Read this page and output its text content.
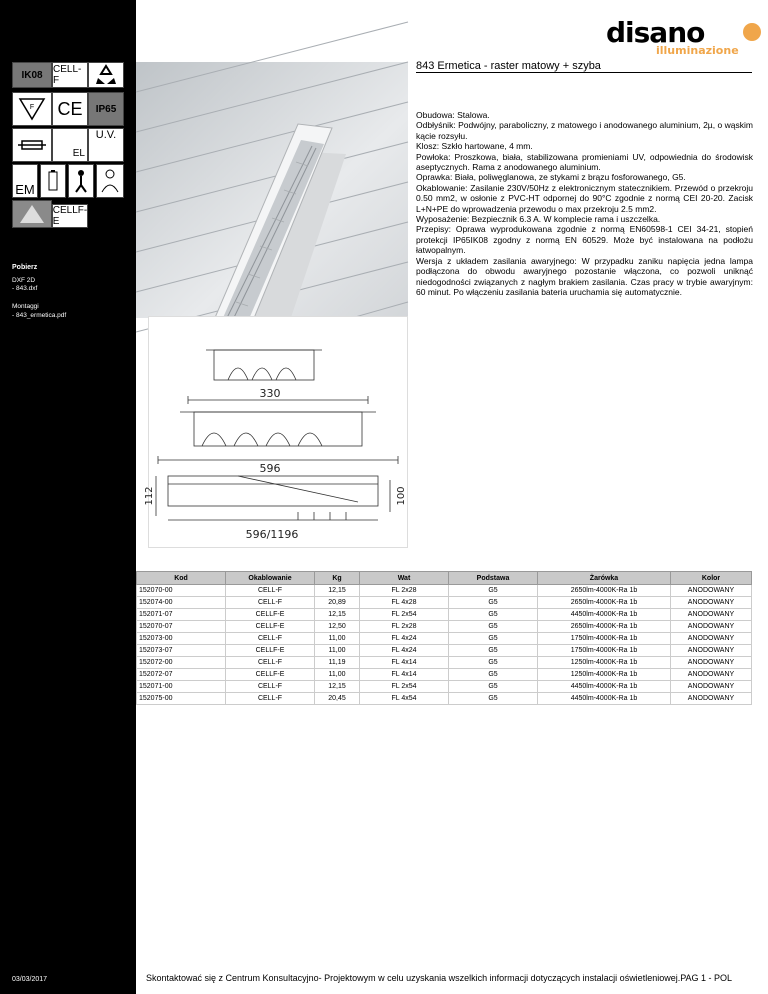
IK08	CELL-F
F	CE	IP65
EL
U.V.
EM
CELLF-E
Pobierz
DXF 2D
- 843.dxf
Montaggi
- 843_ermetica.pdf
03/03/2017
disano
illuminazione
843 Ermetica - raster matowy + szyba

Obudowa: Stalowa.

Odbłyśnik: Podwójny, paraboliczny, z matowego i anodowanego aluminium, 2µ, o wąskim kącie rozsyłu.

Klosz: Szkło hartowane, 4 mm.

Powłoka: Proszkowa, biała, stabilizowana promieniami UV, odpowiednia do środowisk aseptycznych. Rama z anodowanego aluminium.

Oprawka: Biała, poliwęglanowa, ze stykami z brązu fosforowanego, G5.

Okablowanie: Zasilanie 230V/50Hz z elektronicznym statecznikiem. Przewód o przekroju 0.50 mm2, w osłonie z PVC-HT odpornej do 90°C zgodnie z normą CEI 20-20. Zacisk L+N+PE do wprowadzenia przewodu o max przekroju 2.5 mm2.

Wyposażenie: Bezpiecznik 6.3 A. W komplecie rama i uszczelka.

Przepisy: Oprawa wyprodukowana zgodnie z normą EN60598-1 CEI 34-21, stopień protekcji IP65IK08 zgodny z normą EN 60529. Może być instalowana na podłożu łatwopalnym.

Wersja z układem zasilania awaryjnego: W przypadku zaniku napięcia jedna lampa podłączona do obwodu awaryjnego pozostanie włączona, co pozwoli uniknąć niedogodności związanych z nagłym brakiem zasilania. Czas pracy w trybie awaryjnym: 60 minut. Po włączeniu zasilania bateria uruchamia się automatycznie.

330
596
596/1196
112	100
Kod	Okablowanie	Kg	Wat	Podstawa	Żarówka	Kolor
152070-00	CELL-F	12,15	FL 2x28	G5	2650lm-4000K-Ra 1b	ANODOWANY
152074-00	CELL-F	20,89	FL 4x28	G5	2650lm-4000K-Ra 1b	ANODOWANY
152071-07	CELLF-E	12,15	FL 2x54	G5	4450lm-4000K-Ra 1b	ANODOWANY
152070-07	CELLF-E	12,50	FL 2x28	G5	2650lm-4000K-Ra 1b	ANODOWANY
152073-00	CELL-F	11,00	FL 4x24	G5	1750lm-4000K-Ra 1b	ANODOWANY
152073-07	CELLF-E	11,00	FL 4x24	G5	1750lm-4000K-Ra 1b	ANODOWANY
152072-00	CELL-F	11,19	FL 4x14	G5	1250lm-4000K-Ra 1b	ANODOWANY
152072-07	CELLF-E	11,00	FL 4x14	G5	1250lm-4000K-Ra 1b	ANODOWANY
152071-00	CELL-F	12,15	FL 2x54	G5	4450lm-4000K-Ra 1b	ANODOWANY
152075-00	CELL-F	20,45	FL 4x54	G5	4450lm-4000K-Ra 1b	ANODOWANY
Skontaktować się z Centrum Konsultacyjno- Projektowym w celu uzyskania wszelkich informacji dotyczących instalacji oświetleniowej.PAG 1 - POL
